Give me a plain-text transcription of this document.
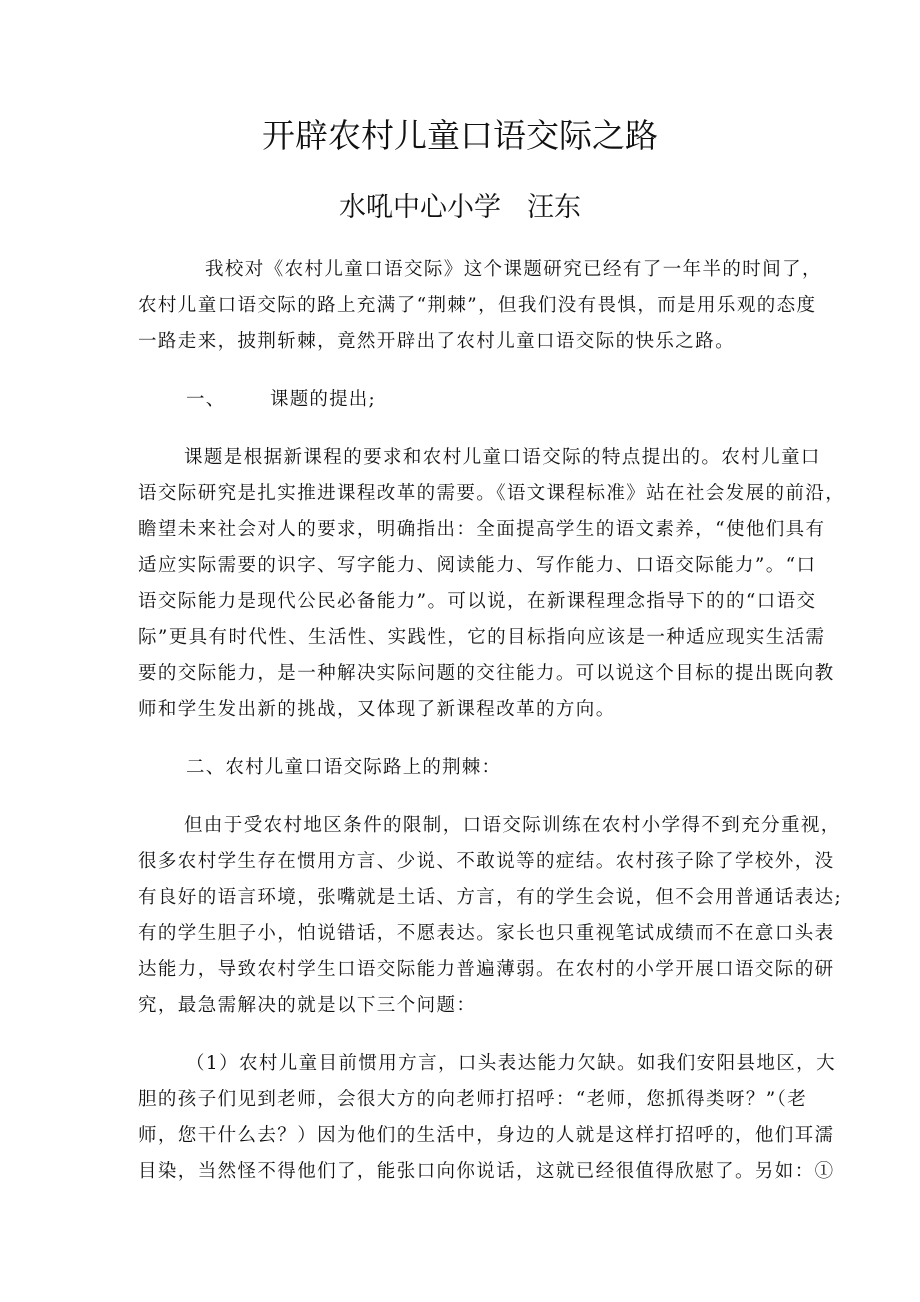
开辟农村儿童口语交际之路
水吼中心小学 汪东
我校对《农村儿童口语交际》这个课题研究已经有了一年半的时间了，
农村儿童口语交际的路上充满了“荆棘”，但我们没有畏惧，而是用乐观的态度
一路走来，披荆斩棘，竟然开辟出了农村儿童口语交际的快乐之路。
一、 课题的提出;
课题是根据新课程的要求和农村儿童口语交际的特点提出的。农村儿童口
语交际研究是扎实推进课程改革的需要。《语文课程标准》站在社会发展的前沿，
瞻望未来社会对人的要求，明确指出：全面提高学生的语文素养，“使他们具有
适应实际需要的识字、写字能力、阅读能力、写作能力、口语交际能力”。“口
语交际能力是现代公民必备能力”。可以说，在新课程理念指导下的的“口语交
际”更具有时代性、生活性、实践性，它的目标指向应该是一种适应现实生活需
要的交际能力，是一种解决实际问题的交往能力。可以说这个目标的提出既向教
师和学生发出新的挑战，又体现了新课程改革的方向。
二、农村儿童口语交际路上的荆棘：
但由于受农村地区条件的限制，口语交际训练在农村小学得不到充分重视，
很多农村学生存在惯用方言、少说、不敢说等的症结。农村孩子除了学校外，没
有良好的语言环境，张嘴就是土话、方言，有的学生会说，但不会用普通话表达;
有的学生胆子小，怕说错话，不愿表达。家长也只重视笔试成绩而不在意口头表
达能力，导致农村学生口语交际能力普遍薄弱。在农村的小学开展口语交际的研
究，最急需解决的就是以下三个问题：
（1）农村儿童目前惯用方言，口头表达能力欠缺。如我们安阳县地区，大
胆的孩子们见到老师，会很大方的向老师打招呼：“老师，您抓得类呀？”（老
师，您干什么去？）因为他们的生活中，身边的人就是这样打招呼的，他们耳濡
目染，当然怪不得他们了，能张口向你说话，这就已经很值得欣慰了。另如：①
